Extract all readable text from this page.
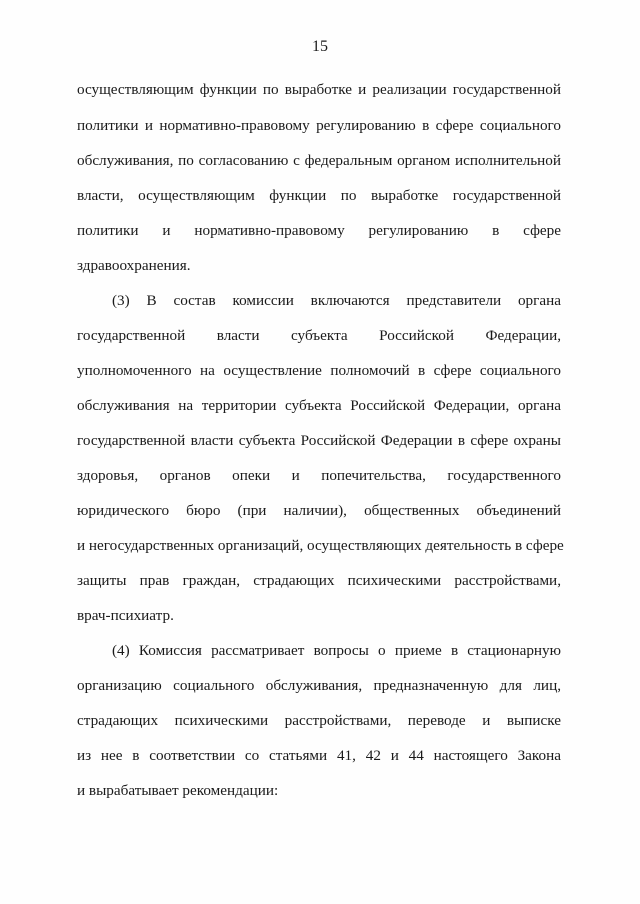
15
осуществляющим функции по выработке и реализации государственной
политики и нормативно-правовому регулированию в сфере социального
обслуживания, по согласованию с федеральным органом исполнительной
власти, осуществляющим функции по выработке государственной
политики и нормативно-правовому регулированию в сфере
здравоохранения.
(3) В состав комиссии включаются представители органа
государственной власти субъекта Российской Федерации,
уполномоченного на осуществление полномочий в сфере социального
обслуживания на территории субъекта Российской Федерации, органа
государственной власти субъекта Российской Федерации в сфере охраны
здоровья, органов опеки и попечительства, государственного
юридического бюро (при наличии), общественных объединений
и негосударственных организаций, осуществляющих деятельность в сфере
защиты прав граждан, страдающих психическими расстройствами,
врач-психиатр.
(4) Комиссия рассматривает вопросы о приеме в стационарную
организацию социального обслуживания, предназначенную для лиц,
страдающих психическими расстройствами, переводе и выписке
из нее в соответствии со статьями 41, 42 и 44 настоящего Закона
и вырабатывает рекомендации:
